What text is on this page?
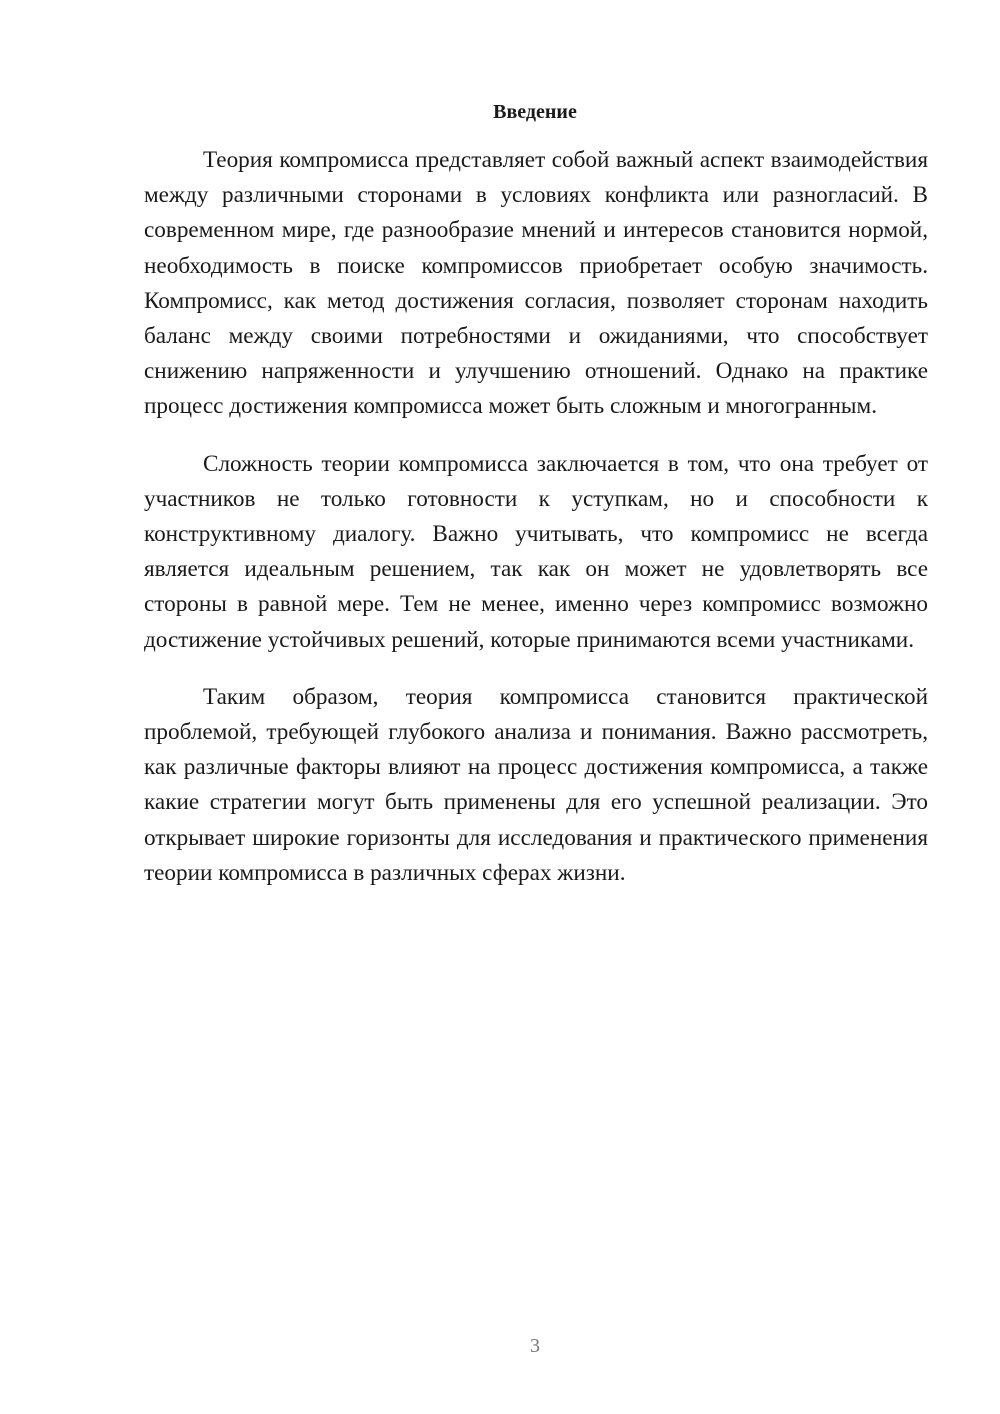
Введение

Теория компромисса представляет собой важный аспект взаимодействия между различными сторонами в условиях конфликта или разногласий. В современном мире, где разнообразие мнений и интересов становится нормой, необходимость в поиске компромиссов приобретает особую значимость. Компромисс, как метод достижения согласия, позволяет сторонам находить баланс между своими потребностями и ожиданиями, что способствует снижению напряженности и улучшению отношений. Однако на практике процесс достижения компромисса может быть сложным и многогранным.

Сложность теории компромисса заключается в том, что она требует от участников не только готовности к уступкам, но и способности к конструктивному диалогу. Важно учитывать, что компромисс не всегда является идеальным решением, так как он может не удовлетворять все стороны в равной мере. Тем не менее, именно через компромисс возможно достижение устойчивых решений, которые принимаются всеми участниками.

Таким образом, теория компромисса становится практической проблемой, требующей глубокого анализа и понимания. Важно рассмотреть, как различные факторы влияют на процесс достижения компромисса, а также какие стратегии могут быть применены для его успешной реализации. Это открывает широкие горизонты для исследования и практического применения теории компромисса в различных сферах жизни.

3
